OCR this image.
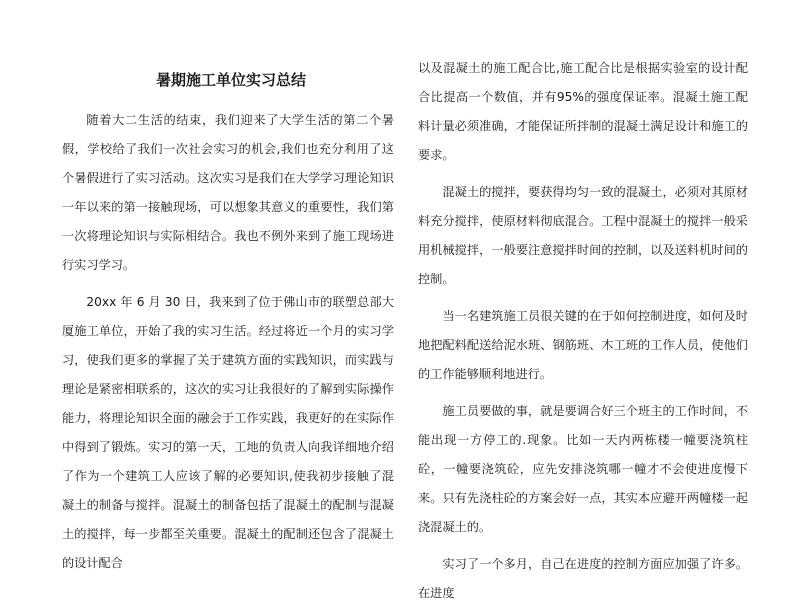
暑期施工单位实习总结

随着大二生活的结束，我们迎来了大学生活的第二个暑假，学校给了我们一次社会实习的机会,我们也充分利用了这个暑假进行了实习活动。这次实习是我们在大学学习理论知识一年以来的第一接触现场，可以想象其意义的重要性，我们第一次将理论知识与实际相结合。我也不例外来到了施工现场进行实习学习。

20xx 年 6 月 30 日，我来到了位于佛山市的联塑总部大厦施工单位，开始了我的实习生活。经过将近一个月的实习学习，使我们更多的掌握了关于建筑方面的实践知识，而实践与理论是紧密相联系的，这次的实习让我很好的了解到实际操作能力，将理论知识全面的融会于工作实践，我更好的在实际作中得到了锻炼。实习的第一天，工地的负责人向我详细地介绍了作为一个建筑工人应该了解的必要知识,使我初步接触了混凝土的制备与搅拌。混凝土的制备包括了混凝土的配制与混凝土的搅拌，每一步都至关重要。混凝土的配制还包含了混凝土的设计配合

以及混凝土的施工配合比,施工配合比是根据实验室的设计配合比提高一个数值，并有95%的强度保证率。混凝土施工配料计量必须准确，才能保证所拌制的混凝土满足设计和施工的要求。

混凝土的搅拌，要获得均匀一致的混凝土，必须对其原材料充分搅拌，使原材料彻底混合。工程中混凝土的搅拌一般采用机械搅拌，一般要注意搅拌时间的控制，以及送料机时间的控制。

当一名建筑施工员很关键的在于如何控制进度，如何及时地把配料配送给泥水班、钢筋班、木工班的工作人员，使他们的工作能够顺利地进行。

施工员要做的事，就是要调合好三个班主的工作时间，不能出现一方停工的.现象。比如一天内两栋楼一幢要浇筑柱砼，一幢要浇筑砼，应先安排浇筑哪一幢才不会使进度慢下来。只有先浇柱砼的方案会好一点，其实本应避开两幢楼一起浇混凝土的。

实习了一个多月，自己在进度的控制方面应加强了许多。在进度
